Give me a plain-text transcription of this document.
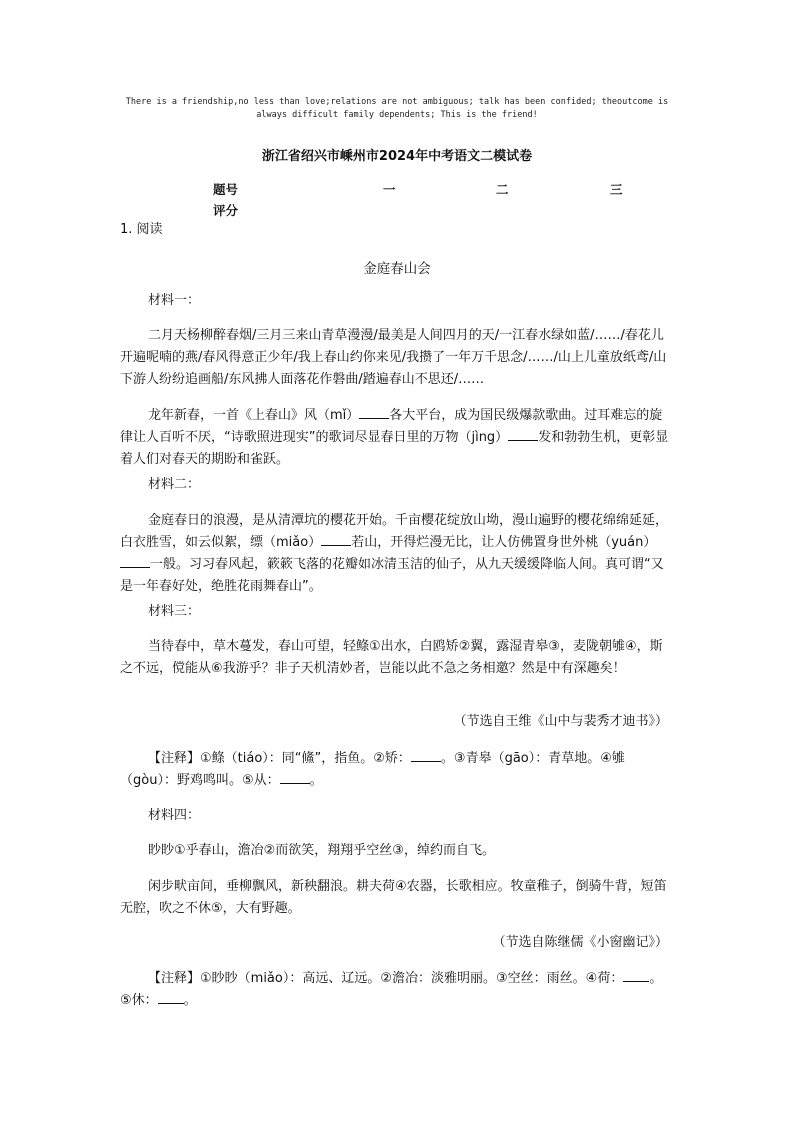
There is a friendship,no less than love;relations are not ambiguous; talk has been confided; theoutcome is always difficult family dependents; This is the friend!
浙江省绍兴市嵊州市2024年中考语文二模试卷
题号
评分
一	二	三
1. 阅读
金庭春山会
材料一：
二月天杨柳醉春烟/三月三来山青草漫漫/最美是人间四月的天/一江春水绿如蓝/……/春花儿开遍呢喃的燕/春风得意正少年/我上春山约你来见/我攒了一年万千思念/……/山上儿童放纸鸢/山下游人纷纷追画船/东风拂人面落花作磐曲/踏遍春山不思还/……
龙年新春，一首《上春山》风（mǐ） 各大平台，成为国民级爆款歌曲。过耳难忘的旋律让人百听不厌，“诗歌照进现实”的歌词尽显春日里的万物（jìng） 发和勃勃生机，更彰显着人们对春天的期盼和雀跃。
材料二：
金庭春日的浪漫，是从清潭坑的樱花开始。千亩樱花绽放山坳，漫山遍野的樱花绵绵延延，白衣胜雪，如云似絮，缥（miǎo） 若山，开得烂漫无比，让人仿佛置身世外桃（yuán）一般。习习春风起，簌簌飞落的花瓣如冰清玉洁的仙子，从九天缓缓降临人间。真可谓“又是一年春好处，绝胜花雨舞春山”。
材料三：
当待春中，草木蔓发，春山可望，轻鲦①出水，白鸥矫②翼，露湿青皋③，麦陇朝雊④，斯之不远，傥能从⑥我游乎？非子天机清妙者，岂能以此不急之务相邀？然是中有深趣矣！
（节选自王维《山中与裴秀才迪书》）
【注释】①鲦（tiáo）：同“鯈”，指鱼。②矫： 。③青皋（gāo）：青草地。④雊（gòu）：野鸡鸣叫。⑤从： 。
材料四：
眇眇①乎春山，澹冶②而欲笑，翔翔乎空丝③，绰约而自飞。
闲步畎亩间，垂柳飘风，新秧翻浪。耕夫荷④农器，长歌相应。牧童稚子，倒骑牛背，短笛无腔，吹之不休⑤，大有野趣。
（节选自陈继儒《小窗幽记》）
【注释】①眇眇（miǎo）：高远、辽远。②澹冶：淡雅明丽。③空丝：雨丝。④荷： 。⑤休： 。
